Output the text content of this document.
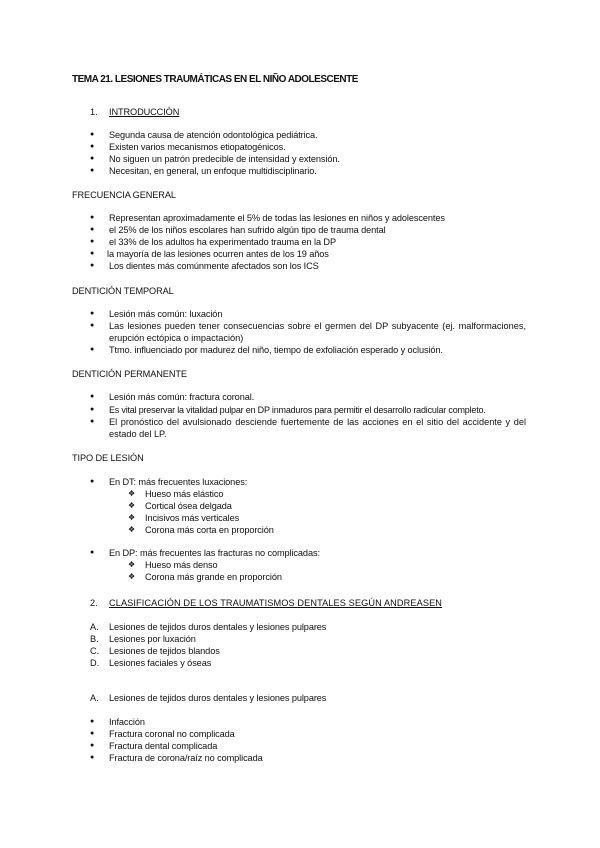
TEMA 21. LESIONES TRAUMÁTICAS EN EL NIÑO ADOLESCENTE
1. INTRODUCCIÓN
● Segunda causa de atención odontológica pediátrica.
● Existen varios mecanismos etiopatogénicos.
● No siguen un patrón predecible de intensidad y extensión.
● Necesitan, en general, un enfoque multidisciplinario.
FRECUENCIA GENERAL
● Representan aproximadamente el 5% de todas las lesiones en niños y adolescentes
● el 25% de los niños escolares han sufrido algún tipo de trauma dental
● el 33% de los adultos ha experimentado trauma en la DP
● la mayoría de las lesiones ocurren antes de los 19 años
● Los dientes más comúnmente afectados son los ICS
DENTICIÓN TEMPORAL
● Lesión más común: luxación
● Las lesiones pueden tener consecuencias sobre el germen del DP subyacente (ej. malformaciones, erupción ectópica o impactación)
● Ttmo. influenciado por madurez del niño, tiempo de exfoliación esperado y oclusión.
DENTICIÓN PERMANENTE
● Lesión más común: fractura coronal.
● Es vital preservar la vitalidad pulpar en DP inmaduros para permitir el desarrollo radicular completo.
● El pronóstico del avulsionado desciende fuertemente de las acciones en el sitio del accidente y del estado del LP.
TIPO DE LESIÓN
● En DT: más frecuentes luxaciones:
❖ Hueso más elástico
❖ Cortical ósea delgada
❖ Incisivos más verticales
❖ Corona más corta en proporción
● En DP: más frecuentes las fracturas no complicadas:
❖ Hueso más denso
❖ Corona más grande en proporción
2. CLASIFICACIÓN DE LOS TRAUMATISMOS DENTALES SEGÚN ANDREASEN
A. Lesiones de tejidos duros dentales y lesiones pulpares
B. Lesiones por luxación
C. Lesiones de tejidos blandos
D. Lesiones faciales y óseas
A. Lesiones de tejidos duros dentales y lesiones pulpares
● Infacción
● Fractura coronal no complicada
● Fractura dental complicada
● Fractura de corona/raíz no complicada
